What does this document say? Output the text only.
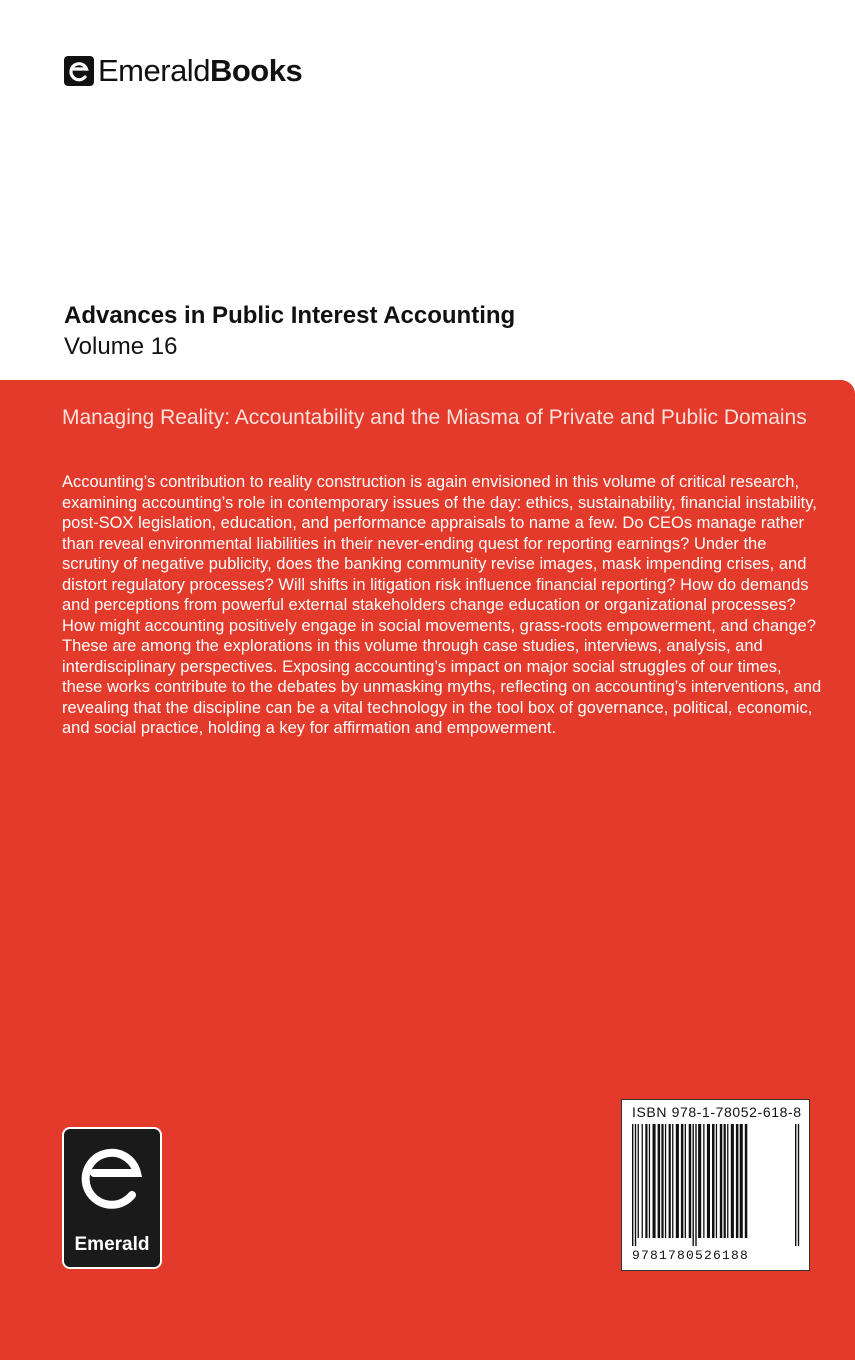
EmeraldBooks
Advances in Public Interest Accounting
Volume 16
Managing Reality: Accountability and the Miasma of Private and Public Domains
Accounting’s contribution to reality construction is again envisioned in this volume of critical research, examining accounting’s role in contemporary issues of the day: ethics, sustainability, financial instability, post-SOX legislation, education, and performance appraisals to name a few. Do CEOs manage rather than reveal environmental liabilities in their never-ending quest for reporting earnings? Under the scrutiny of negative publicity, does the banking community revise images, mask impending crises, and distort regulatory processes? Will shifts in litigation risk influence financial reporting? How do demands and perceptions from powerful external stakeholders change education or organizational processes? How might accounting positively engage in social movements, grass-roots empowerment, and change? These are among the explorations in this volume through case studies, interviews, analysis, and interdisciplinary perspectives. Exposing accounting’s impact on major social struggles of our times, these works contribute to the debates by unmasking myths, reflecting on accounting’s interventions, and revealing that the discipline can be a vital technology in the tool box of governance, political, economic, and social practice, holding a key for affirmation and empowerment.
Emerald
ISBN 978-1-78052-618-8
9781780526188
